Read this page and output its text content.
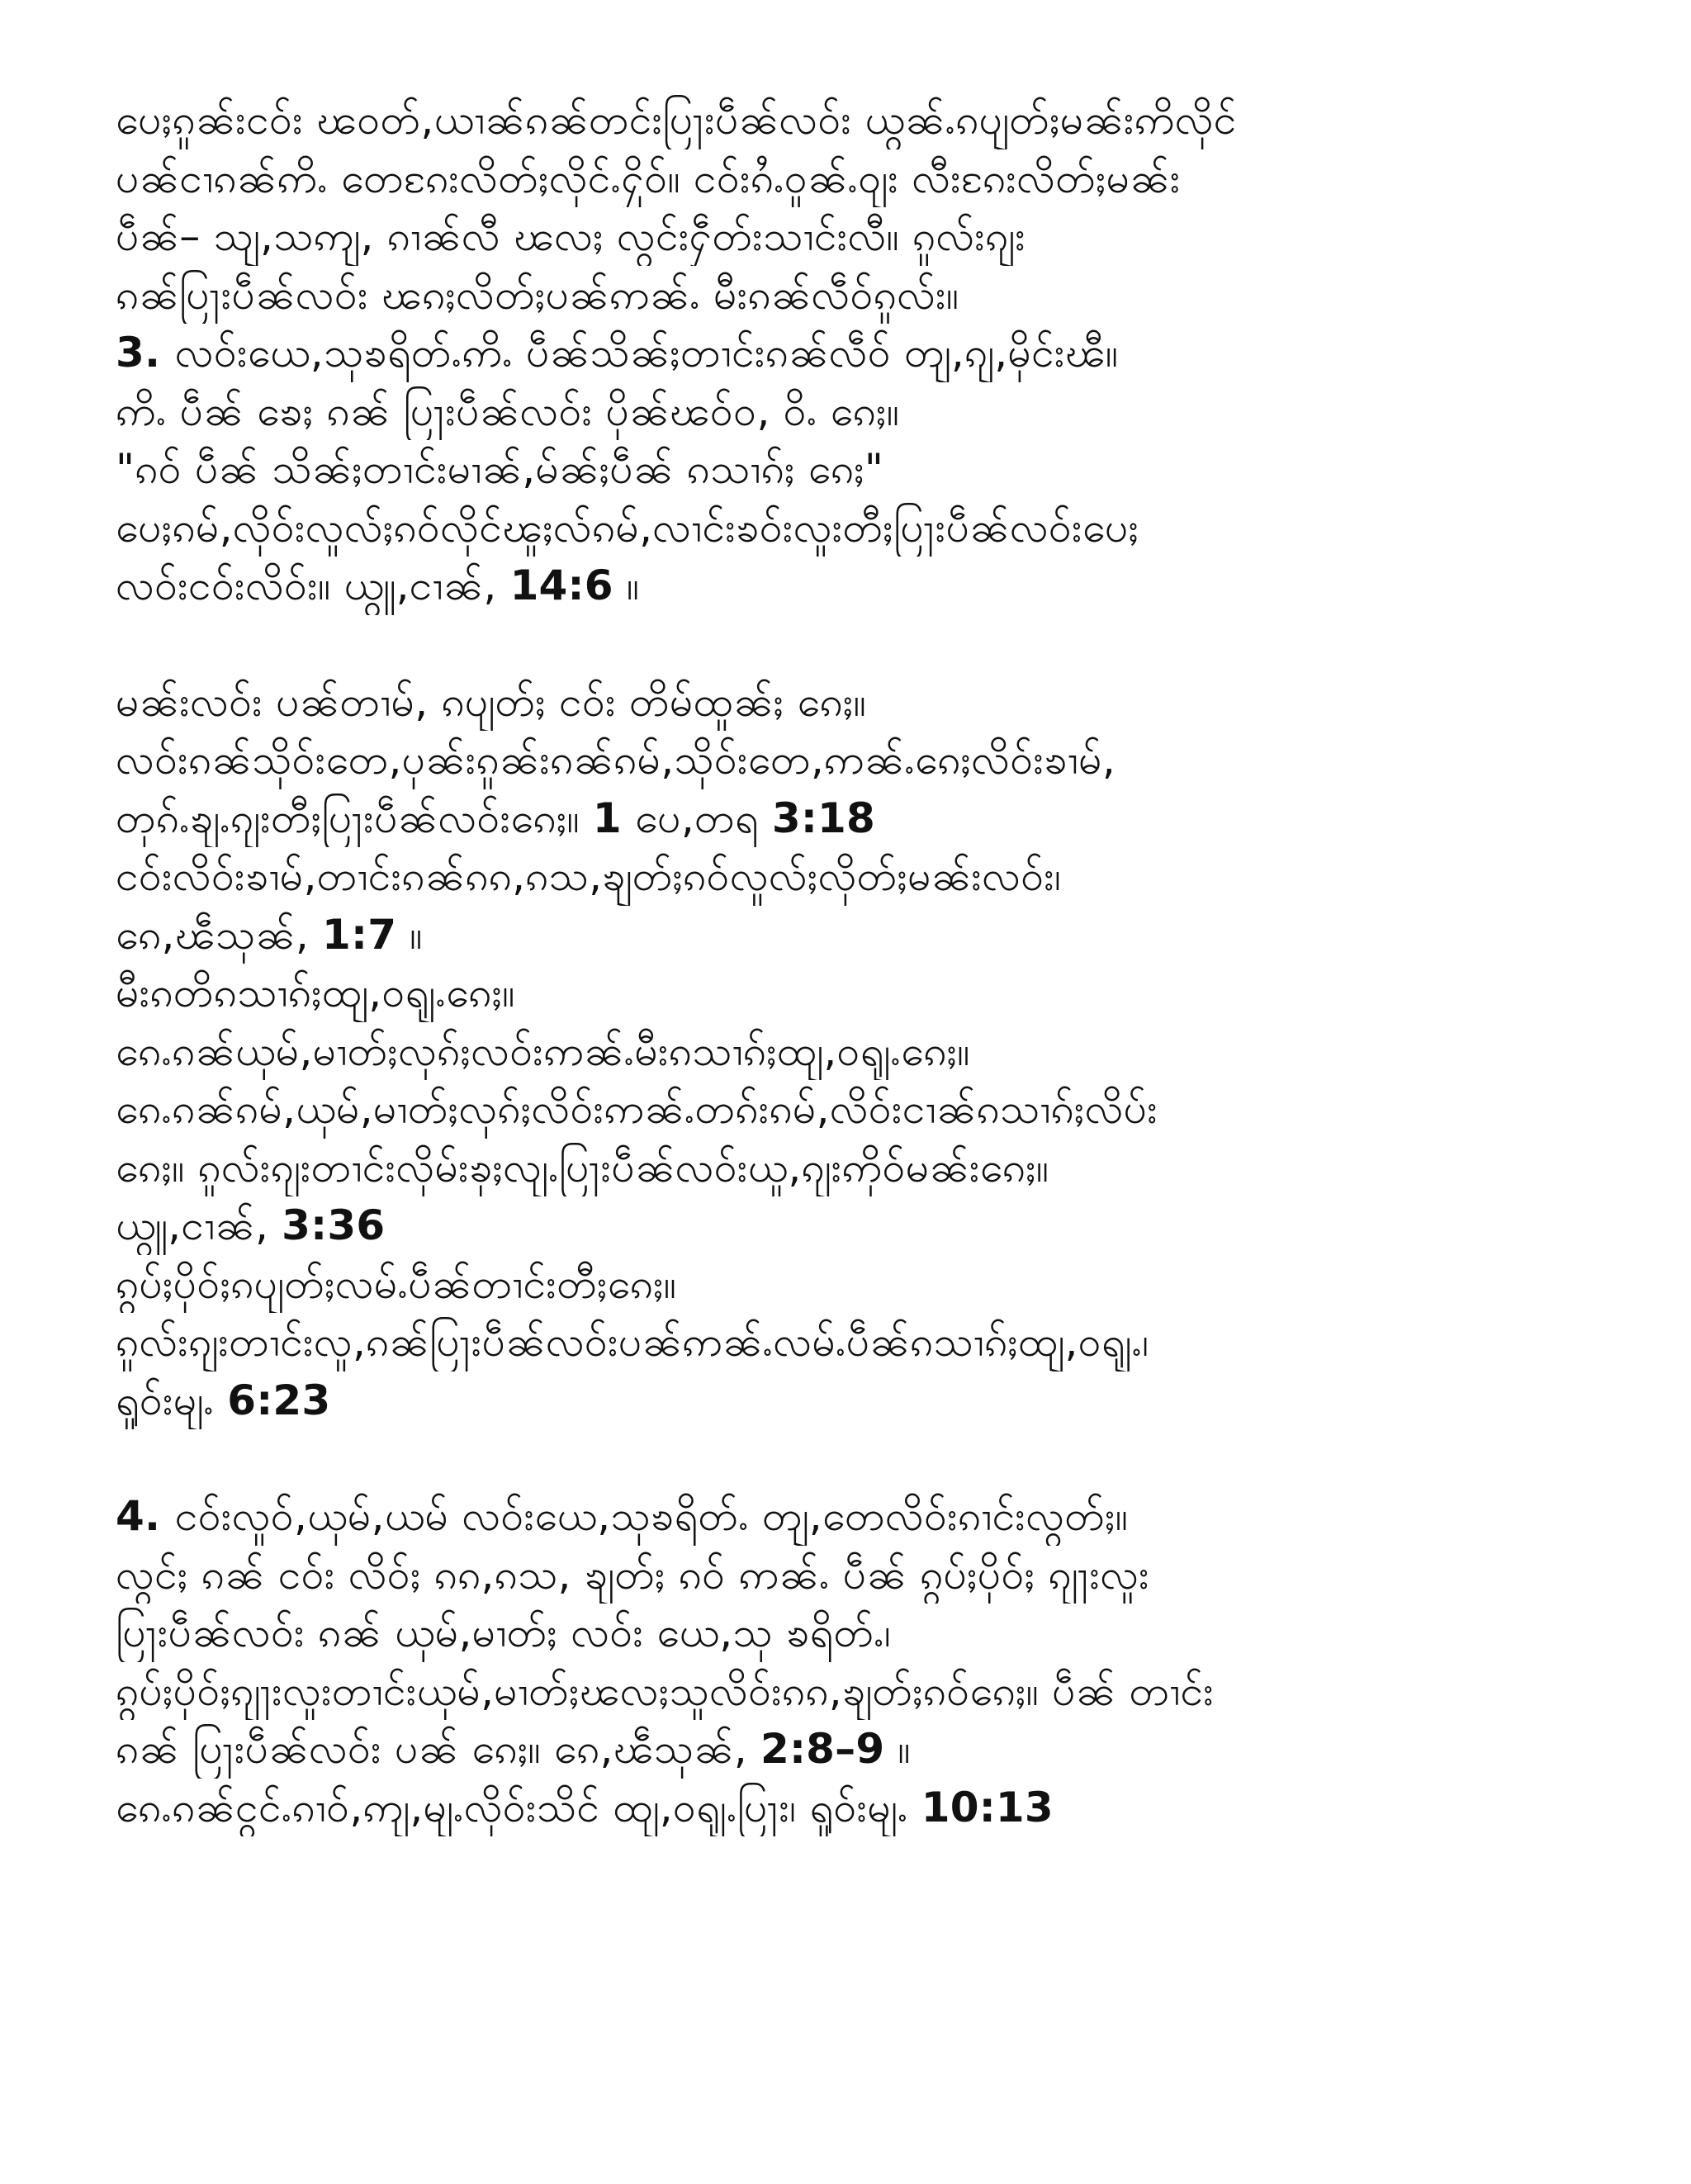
ပေႈၵူၼ်းငဝ်း ၽဝတ်,ယၢၼ်ၵၼ်တင်းပြႃးပဵၼ်လဝ်း ယွၼ်ႉၵပျတ်ႈမၼ်းဢိလိုင်
ပၼ်ငၢၵၼ်ဢိႉ တေၵႄးလိတ်ႈလိုင်ႉႁိုဝ်။ ငဝ်းၵႆႉဝူၼ်ႉဝျး လီးၵႄးလိတ်ႈမၼ်း
ပဵၼ်– သျ,သဢျ, ၵၢၼ်လီ ၽလႈ လွင်းႁဵတ်းသၢင်းလီ။ ၵူလ်းၵျး
ၵၼ်ပြႃးပဵၼ်လဝ်း ၽၵႈလိတ်ႈပၼ်ဢၼ်ႉ မီးၵၼ်လဵဝ်ၵူလ်း။
3. လဝ်းယေ,သုၶရိတ်ႉဢိႉ ပဵၼ်သိၼ်ႈတၢင်းၵၼ်လဵဝ် တျ,ၵျ,မိုင်းၽီ။
ဢိႉ ပဵၼ် ၶေႈ ၵၼ် ပြႃးပဵၼ်လဝ်း ပိုၼ်ၽဝ်ဝ, ဝိႉ ၵေႈ။
"ၵဝ် ပဵၼ် သိၼ်ႈတၢင်းမၢၼ်,မ်ၼ်ႈပဵၼ် ၵသၢၵ်ႈ ၵေႈ"
ပေႈၵမ်,လိုဝ်းလူလ်ႈၵဝ်လိုင်ၽူႈလ်ၵမ်,လၢင်းၶဝ်းလူးတီႈပြႃးပဵၼ်လဝ်းပေႈ
လဝ်းငဝ်းလိဝ်း။ ယွူ,ငၢၼ်, 14:6 ။
မၼ်းလဝ်း ပၼ်တၢမ်, ၵပျတ်ႈ ငဝ်း တိမ်ထူၼ်ႈ ၵေႈ။
လဝ်းၵၼ်သိုဝ်းတေ,ပုၼ်းၵူၼ်းၵၼ်ၵမ်,သိုဝ်းတေ,ဢၼ်ႉၵေႈလိဝ်းၶၢမ်,
တုၵ်ႉၶျႉၵျးတီႈပြႃးပဵၼ်လဝ်းၵေႈ။ 1 ပေ,တရ 3:18
ငဝ်းလိဝ်းၶၢမ်,တၢင်းၵၼ်ၵၵ,ၵသ,ၶျတ်ႈၵဝ်လူလ်ႈလိုတ်ႈမၼ်းလဝ်း၊
ၵေ,ၽဵသုၼ်, 1:7 ။
မီးၵတိၵသၢၵ်ႈထျ,ဝရျႉၵေႈ။
ၵေႉၵၼ်ယုမ်,မၢတ်ႈလုၵ်ႈလဝ်းဢၼ်ႉမီးၵသၢၵ်ႈထျ,ဝရျႉၵေႈ။
ၵေႉၵၼ်ၵမ်,ယုမ်,မၢတ်ႈလုၵ်ႈလိဝ်းဢၼ်ႉတၵ်းၵမ်,လိဝ်းငၢၼ်ၵသၢၵ်ႈလိပ်း
ၵေႈ။ ၵူလ်းၵျးတၢင်းလိုမ်းၶုႈလျႉပြႃးပဵၼ်လဝ်းယူ,ၵျးဢိုဝ်မၼ်းၵေႈ။
ယွူ,ငၢၼ်, 3:36
ၵွပ်ႈပိုဝ်ႈၵပျတ်ႈလမ်ႉပဵၼ်တၢင်းတီႈၵေႈ။
ၵူလ်းၵျးတၢင်းလူ,ၵၼ်ပြႃးပဵၼ်လဝ်းပၼ်ဢၼ်ႉလမ်ႉပဵၼ်ၵသၢၵ်ႈထျ,ဝရျႉ၊
ရူဝ်းမျႉ 6:23
4. ငဝ်းလူဝ်,ယုမ်,ယမ် လဝ်းယေ,သုၶရိတ်ႉ တျ,တေလိဝ်းၵၢင်းလွတ်ႈ။
လွင်ႈ ၵၼ် ငဝ်း လိဝ်ႈ ၵၵ,ၵသ, ၶျတ်ႈ ၵဝ် ဢၼ်ႉ ပဵၼ် ၵွပ်ႈပိုဝ်ႈ ၵျႃးလူး
ပြႃးပဵၼ်လဝ်း ၵၼ် ယုမ်,မၢတ်ႈ လဝ်း ယေ,သု ၶရိတ်ႉ၊
ၵွပ်ႈပိုဝ်ႈၵျႃးလူးတၢင်းယုမ်,မၢတ်ႈၽလႈသူလိဝ်းၵၵ,ၶျတ်ႈၵဝ်ၵေႈ။ ပဵၼ် တၢင်း
ၵၼ် ပြႃးပဵၼ်လဝ်း ပၼ် ၵေႈ။ ၵေ,ၽဵသုၼ်, 2:8–9 ။
ၵေႉၵၼ်ငွင်ႉၵၢဝ်,ဢျ,မျႉလိုဝ်းသိင် ထျ,ဝရျႉပြႃး၊ ရူဝ်းမျႉ 10:13
